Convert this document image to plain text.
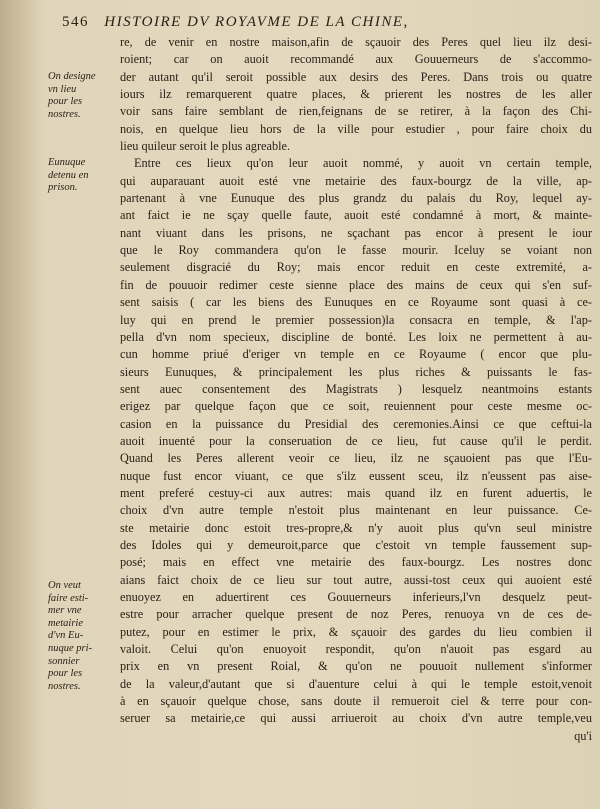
546 HISTOIRE DV ROYAVME DE LA CHINE,
On designe
vn lieu
pour les
nostres.
Eunuque
detenu en
prison.
On veut
faire esti-
mer vne
metairie
d'vn Eu-
nuque pri-
sonnier
pour les
nostres.
re, de venir en nostre maison,afin de sçauoir des Peres quel lieu ilz desi-
roient; car on auoit recommandé aux Gouuerneurs de s'accommo-
der autant qu'il seroit possible aux desirs des Peres. Dans trois ou quatre
iours ilz remarquerent quatre places, & prierent les nostres de les aller
voir sans faire semblant de rien,feignans de se retirer, à la façon des Chi-
nois, en quelque lieu hors de la ville pour estudier , pour faire choix du
lieu quileur seroit le plus agreable.
Entre ces lieux qu'on leur auoit nommé, y auoit vn certain temple,
qui auparauant auoit esté vne metairie des faux-bourgz de la ville, ap-
partenant à vne Eunuque des plus grandz du palais du Roy, lequel ay-
ant faict ie ne sçay quelle faute, auoit esté condamné à mort, & mainte-
nant viuant dans les prisons, ne sçachant pas encor à present le iour
que le Roy commandera qu'on le fasse mourir. Iceluy se voiant non
seulement disgracié du Roy; mais encor reduit en ceste extremité, a-
fin de pouuoir redimer ceste sienne place des mains de ceux qui s'en suf-
sent saisis ( car les biens des Eunuques en ce Royaume sont quasi à ce-
luy qui en prend le premier possession)la consacra en temple, & l'ap-
pella d'vn nom specieux, discipline de bonté. Les loix ne permettent à au-
cun homme priué d'eriger vn temple en ce Royaume ( encor que plu-
sieurs Eunuques, & principalement les plus riches & puissants le fas-
sent auec consentement des Magistrats ) lesquelz neantmoins estants
erigez par quelque façon que ce soit, reuiennent pour ceste mesme oc-
casion en la puissance du Presidial des ceremonies.Ainsi ce que ceftui-la
auoit inuenté pour la conseruation de ce lieu, fut cause qu'il le perdit.
Quand les Peres allerent veoir ce lieu, ilz ne sçauoient pas que l'Eu-
nuque fust encor viuant, ce que s'ilz eussent sceu, ilz n'eussent pas aise-
ment preferé cestuy-ci aux autres: mais quand ilz en furent aduertis, le
choix d'vn autre temple n'estoit plus maintenant en leur puissance. Ce-
ste metairie donc estoit tres-propre,& n'y auoit plus qu'vn seul ministre
des Idoles qui y demeuroit,parce que c'estoit vn temple faussement sup-
posé; mais en effect vne metairie des faux-bourgz. Les nostres donc
aians faict choix de ce lieu sur tout autre, aussi-tost ceux qui auoient esté
enuoyez en aduertirent ces Gouuerneurs inferieurs,l'vn desquelz peut-
estre pour arracher quelque present de noz Peres, renuoya vn de ces de-
putez, pour en estimer le prix, & sçauoir des gardes du lieu combien il
valoit. Celui qu'on enuoyoit respondit, qu'on n'auoit pas esgard au
prix en vn present Roial, & qu'on ne pouuoit nullement s'informer
de la valeur,d'autant que si d'auenture celui à qui le temple estoit,venoit
à en sçauoir quelque chose, sans doute il remueroit ciel & terre pour con-
seruer sa metairie,ce qui aussi arriueroit au choix d'vn autre temple,veu
qu'i
